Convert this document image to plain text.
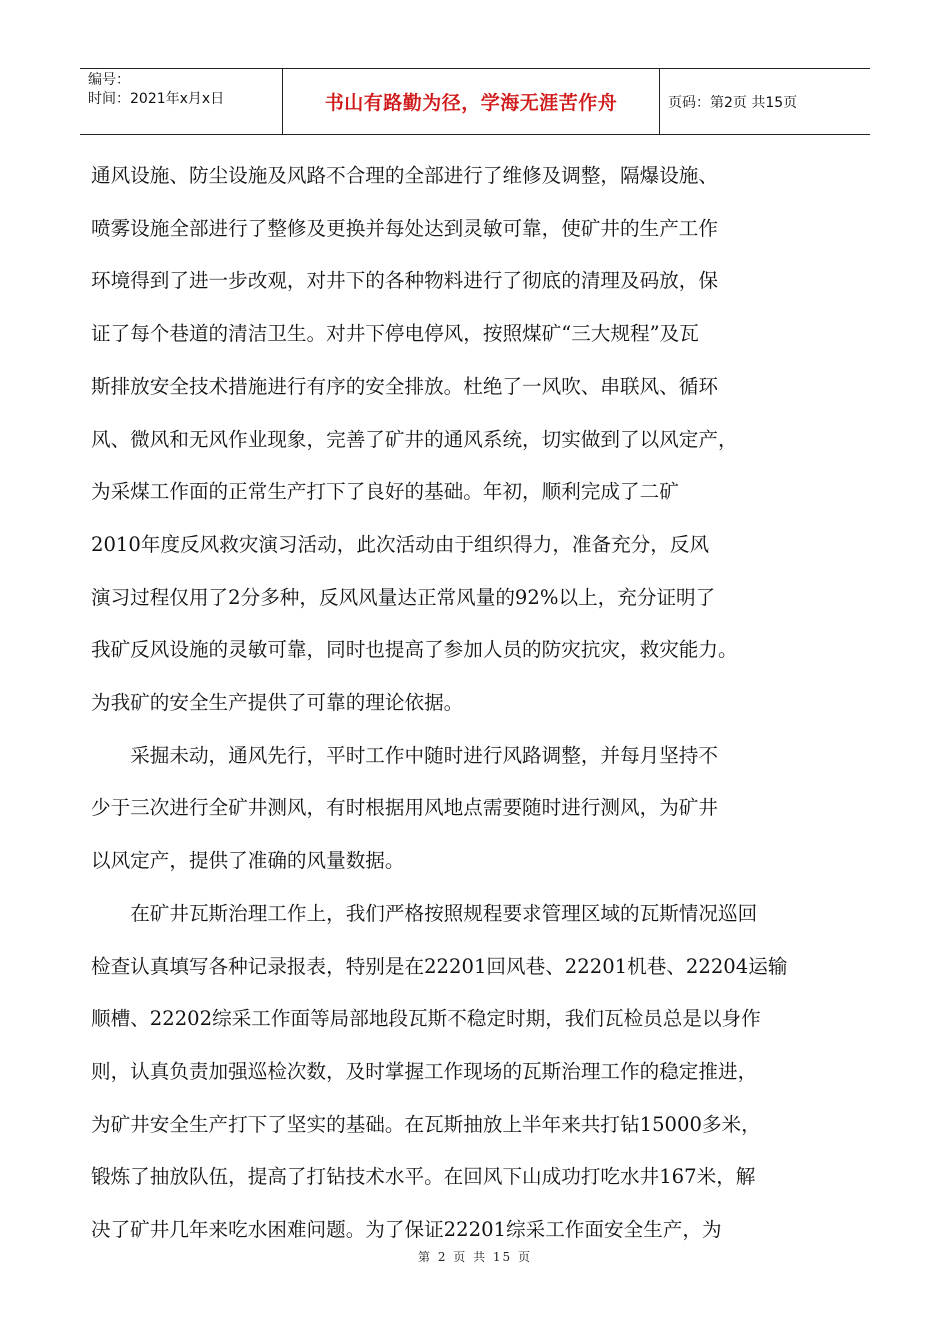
编号：
时间：2021年x月x日	书山有路勤为径，学海无涯苦作舟	页码：第2页 共15页

通风设施、防尘设施及风路不合理的全部进行了维修及调整，隔爆设施、
喷雾设施全部进行了整修及更换并每处达到灵敏可靠，使矿井的生产工作
环境得到了进一步改观，对井下的各种物料进行了彻底的清理及码放，保
证了每个巷道的清洁卫生。对井下停电停风，按照煤矿“三大规程”及瓦
斯排放安全技术措施进行有序的安全排放。杜绝了一风吹、串联风、循环
风、微风和无风作业现象，完善了矿井的通风系统，切实做到了以风定产，
为采煤工作面的正常生产打下了良好的基础。年初，顺利完成了二矿
2010年度反风救灾演习活动，此次活动由于组织得力，准备充分，反风
演习过程仅用了2分多种，反风风量达正常风量的92%以上，充分证明了
我矿反风设施的灵敏可靠，同时也提高了参加人员的防灾抗灾，救灾能力。
为我矿的安全生产提供了可靠的理论依据。

采掘未动，通风先行，平时工作中随时进行风路调整，并每月坚持不
少于三次进行全矿井测风，有时根据用风地点需要随时进行测风，为矿井
以风定产，提供了准确的风量数据。

在矿井瓦斯治理工作上，我们严格按照规程要求管理区域的瓦斯情况巡回
检查认真填写各种记录报表，特别是在22201回风巷、22201机巷、22204运输
顺槽、22202综采工作面等局部地段瓦斯不稳定时期，我们瓦检员总是以身作
则，认真负责加强巡检次数，及时掌握工作现场的瓦斯治理工作的稳定推进，
为矿井安全生产打下了坚实的基础。在瓦斯抽放上半年来共打钻15000多米，
锻炼了抽放队伍，提高了打钻技术水平。在回风下山成功打吃水井167米，解
决了矿井几年来吃水困难问题。为了保证22201综采工作面安全生产，为

第 2 页 共 15 页
